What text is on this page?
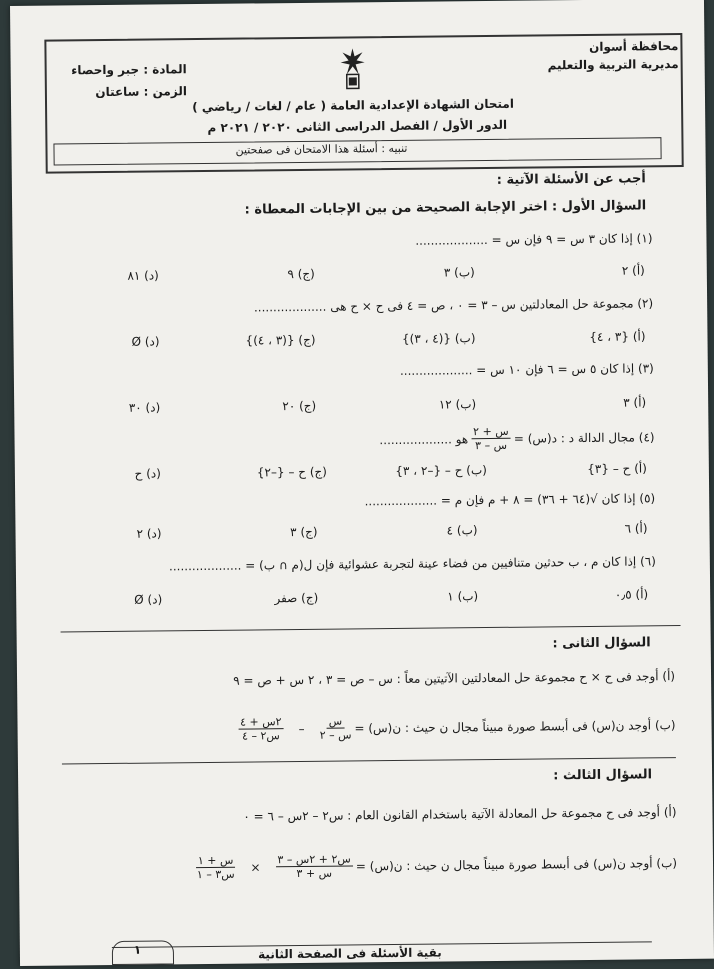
محافظة أسوان
مديرية التربية والتعليم
المادة : جبر واحصاء
الزمن : ساعتان
امتحان الشهادة الإعدادية العامة ( عام / لغات / رياضي )
الدور الأول / الفصل الدراسى الثانى ٢٠٢٠ / ٢٠٢١ م
تنبيه : أسئلة هذا الامتحان فى صفحتين
أجب عن الأسئلة الآتية :
السؤال الأول : اختر الإجابة الصحيحة من بين الإجابات المعطاة :
(١) إذا كان ٣ س = ٩ فإن س = ...................
(أ) ٢
(ب) ٣
(ج) ٩
(د) ٨١
(٢) مجموعة حل المعادلتين س – ٣ = ٠ ، ص = ٤ فى ح × ح هى ...................
(أ) {٣ ، ٤}
(ب) {(٤ ، ٣)}
(ج) {(٣ ، ٤)}
(د) Ø
(٣) إذا كان ٥ س = ٦ فإن ١٠ س = ...................
(أ) ٣
(ب) ١٢
(ج) ٢٠
(د) ٣٠
(٤) مجال الدالة د : د(س) =
$\frac{\text{س + ٢}}{\text{س – ٣}}$
هو ...................
(أ) ح – {٣}
(ب) ح – {–٢ ، ٣}
(ج) ح – {–٢}
(د) ح
(٥) إذا كان √(٦٤ + ٣٦) = ٨ + م فإن م = ...................
(أ) ٦
(ب) ٤
(ج) ٣
(د) ٢
(٦) إذا كان م ، ب حدثين متنافيين من فضاء عينة لتجربة عشوائية فإن ل(م ∩ ب) = ...................
(أ) ٠٫٥
(ب) ١
(ج) صفر
(د) Ø
السؤال الثانى :
(أ) أوجد فى ح × ح مجموعة حل المعادلتين الآتيتين معاً : س – ص = ٣ ، ٢ س + ص = ٩
(ب) أوجد ن(س) فى أبسط صورة مبيناً مجال ن حيث : ن(س) =
$\frac{\text{س}}{\text{س – ٢}}$
–
$\frac{\text{٢س + ٤}}{\text{س٢ – ٤}}$
السؤال الثالث :
(أ) أوجد فى ح مجموعة حل المعادلة الآتية باستخدام القانون العام : س٢ – ٢س – ٦ = ٠
(ب) أوجد ن(س) فى أبسط صورة مبيناً مجال ن حيث : ن(س) =
$\frac{\text{س٢ + ٢س – ٣}}{\text{س + ٣}}$
×
$\frac{\text{س + ١}}{\text{س٣ – ١}}$
١	بقية الأسئلة فى الصفحة الثانية
